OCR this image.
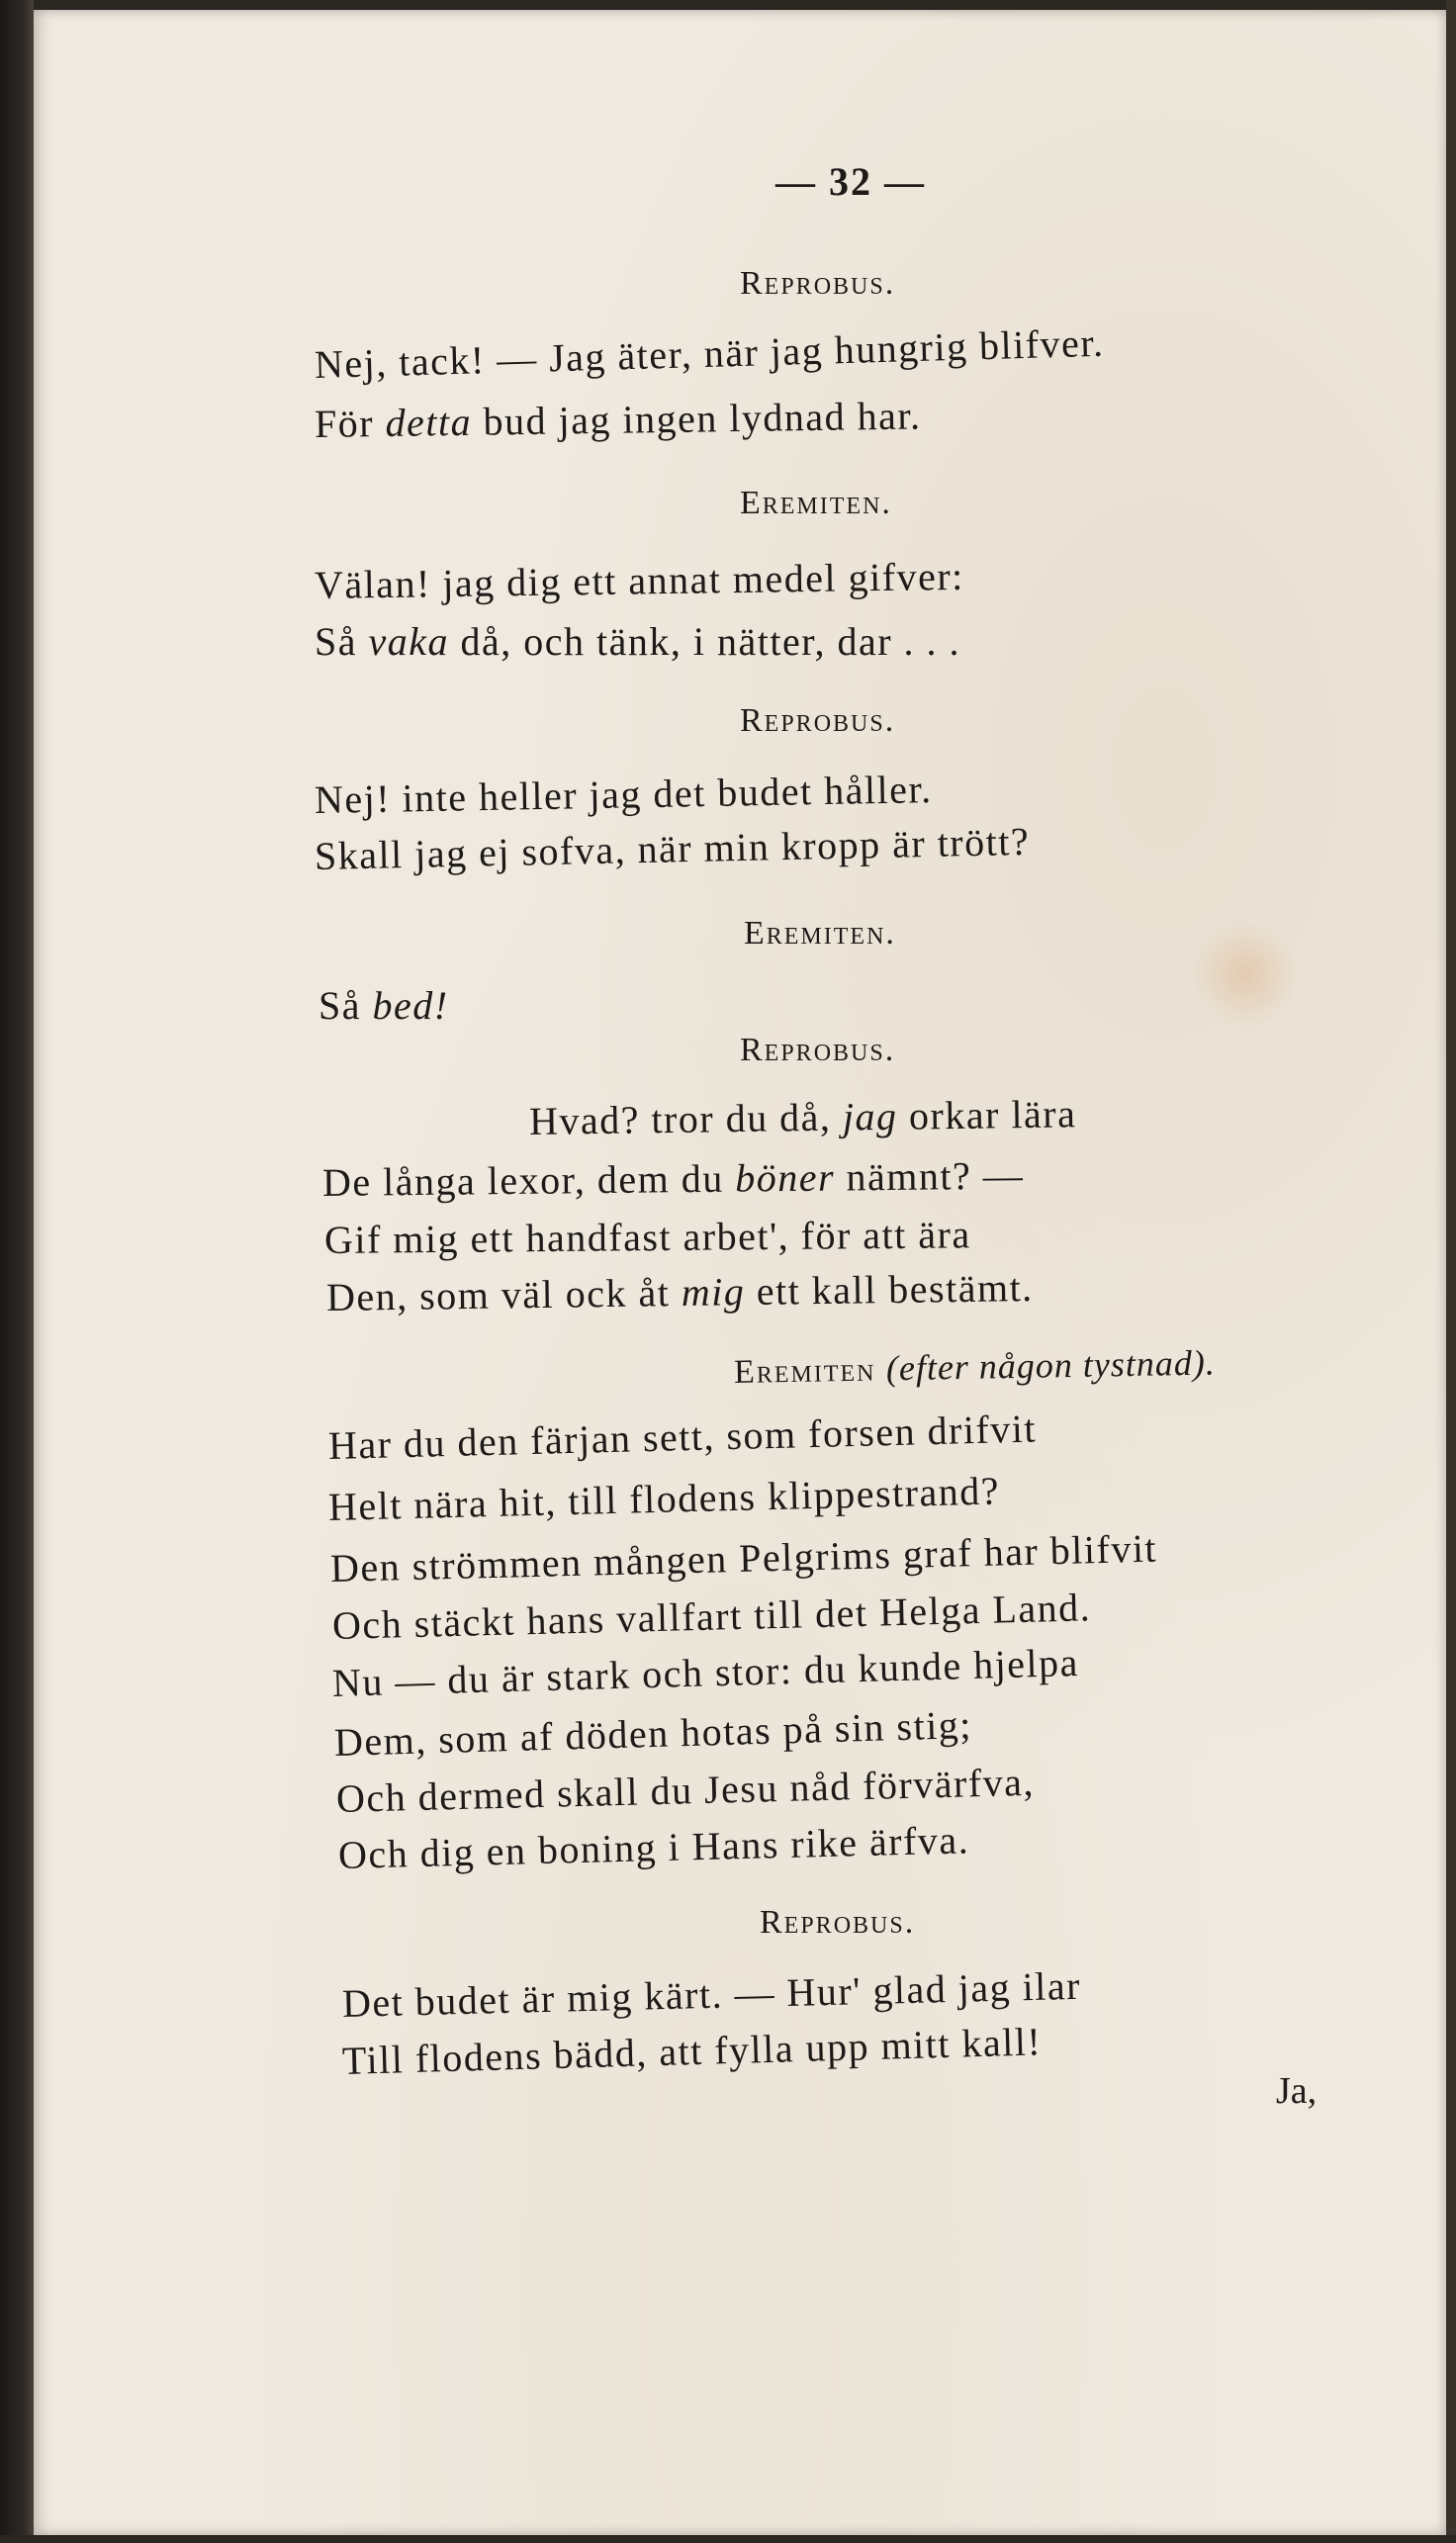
— 32 —
Reprobus.
Nej, tack! — Jag äter, när jag hungrig blifver.
För detta bud jag ingen lydnad har.
Eremiten.
Välan! jag dig ett annat medel gifver:
Så vaka då, och tänk, i nätter, dar . . .
Reprobus.
Nej! inte heller jag det budet håller.
Skall jag ej sofva, när min kropp är trött?
Eremiten.
Så bed!
Reprobus.
Hvad? tror du då, jag orkar lära
De långa lexor, dem du böner nämnt? —
Gif mig ett handfast arbet', för att ära
Den, som väl ock åt mig ett kall bestämt.
Eremiten (efter någon tystnad).
Har du den färjan sett, som forsen drifvit
Helt nära hit, till flodens klippestrand?
Den strömmen mången Pelgrims graf har blifvit
Och stäckt hans vallfart till det Helga Land.
Nu — du är stark och stor: du kunde hjelpa
Dem, som af döden hotas på sin stig;
Och dermed skall du Jesu nåd förvärfva,
Och dig en boning i Hans rike ärfva.
Reprobus.
Det budet är mig kärt. — Hur' glad jag ilar
Till flodens bädd, att fylla upp mitt kall!
Ja,
